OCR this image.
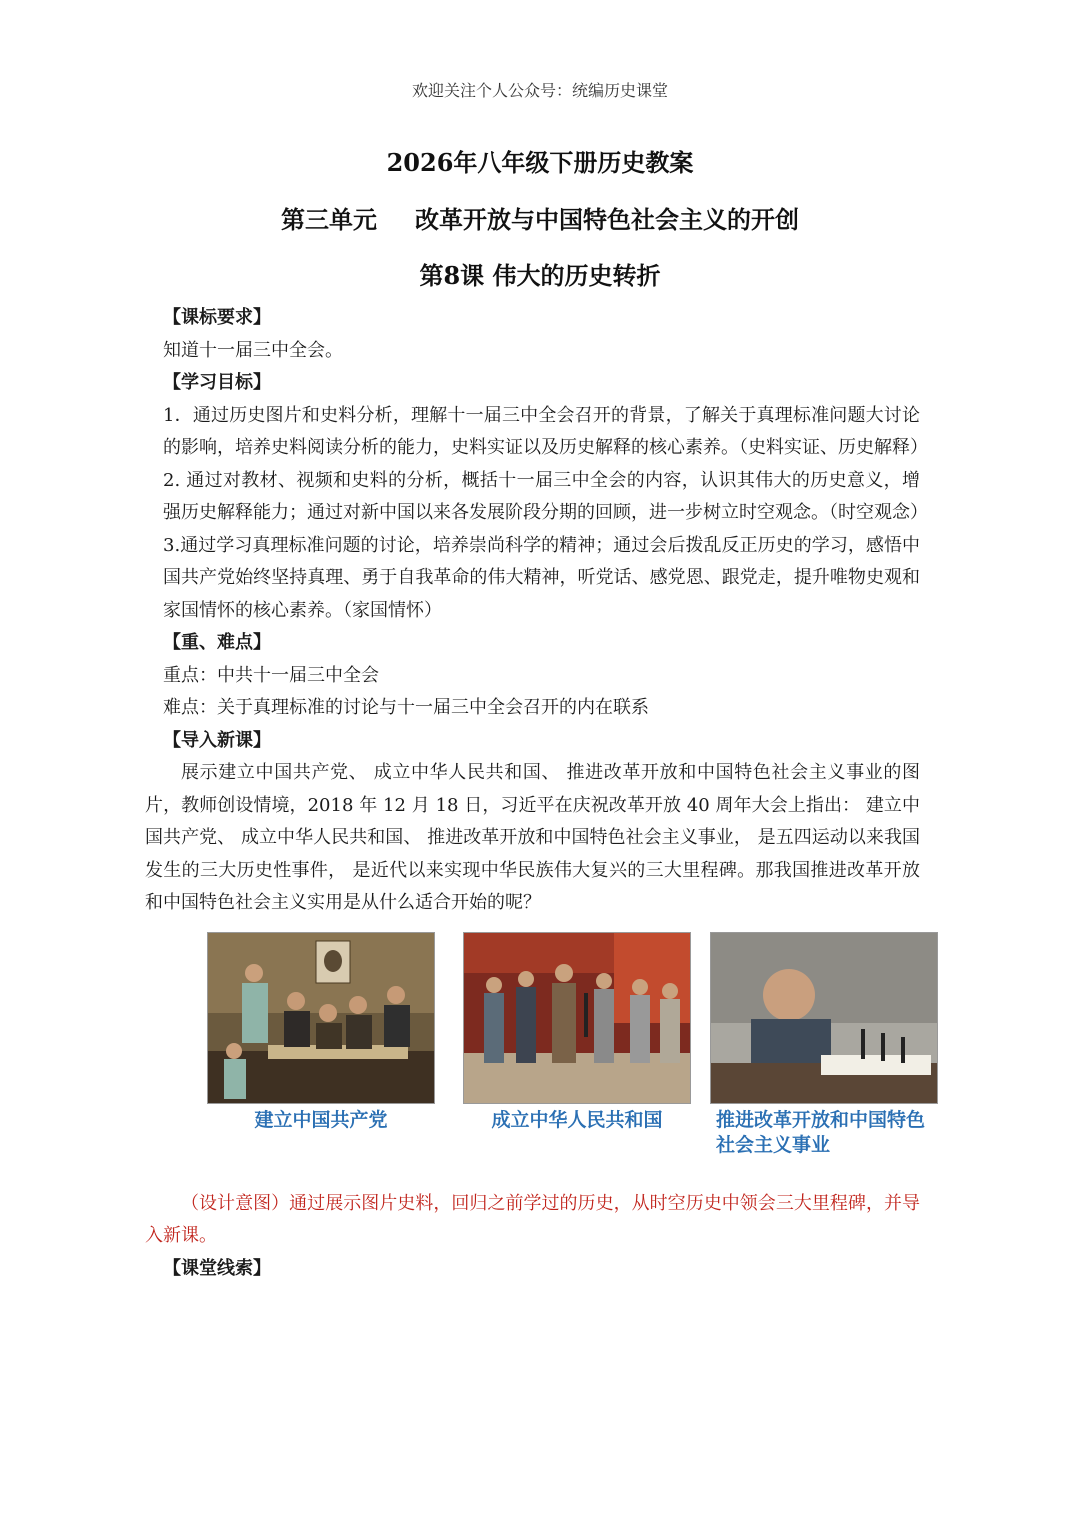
欢迎关注个人公众号：统编历史课堂
2026年八年级下册历史教案
第三单元 改革开放与中国特色社会主义的开创
第8课 伟大的历史转折

【课标要求】

知道十一届三中全会。

【学习目标】

1．通过历史图片和史料分析，理解十一届三中全会召开的背景，了解关于真理标准问题大讨论的影响，培养史料阅读分析的能力，史料实证以及历史解释的核心素养。（史料实证、历史解释）

2. 通过对教材、视频和史料的分析，概括十一届三中全会的内容，认识其伟大的历史意义，增强历史解释能力；通过对新中国以来各发展阶段分期的回顾，进一步树立时空观念。（时空观念）

3.通过学习真理标准问题的讨论，培养崇尚科学的精神；通过会后拨乱反正历史的学习，感悟中国共产党始终坚持真理、勇于自我革命的伟大精神，听党话、感党恩、跟党走，提升唯物史观和家国情怀的核心素养。（家国情怀）

【重、难点】

重点：中共十一届三中全会

难点：关于真理标准的讨论与十一届三中全会召开的内在联系

【导入新课】

展示建立中国共产党、 成立中华人民共和国、 推进改革开放和中国特色社会主义事业的图片，教师创设情境，2018 年 12 月 18 日，习近平在庆祝改革开放 40 周年大会上指出： 建立中国共产党、 成立中华人民共和国、 推进改革开放和中国特色社会主义事业， 是五四运动以来我国发生的三大历史性事件， 是近代以来实现中华民族伟大复兴的三大里程碑。那我国推进改革开放和中国特色社会主义实用是从什么适合开始的呢？

建立中国共产党	成立中华人民共和国	推进改革开放和中国特色社会主义事业

（设计意图）通过展示图片史料，回归之前学过的历史，从时空历史中领会三大里程碑，并导入新课。

【课堂线索】
